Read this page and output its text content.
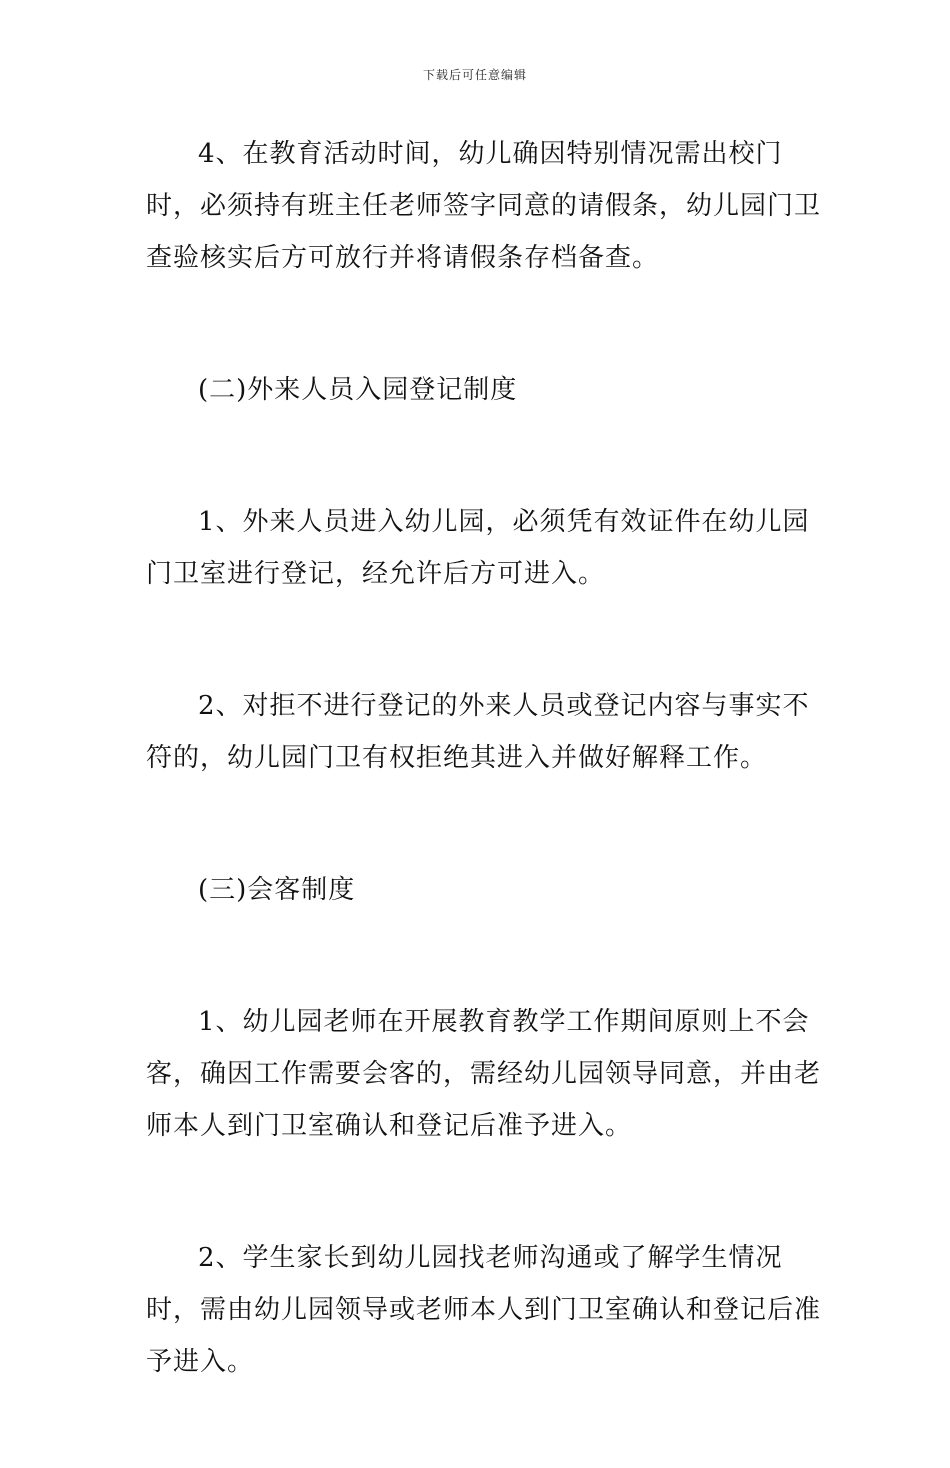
下载后可任意编辑

4、在教育活动时间，幼儿确因特别情况需出校门时，必须持有班主任老师签字同意的请假条，幼儿园门卫查验核实后方可放行并将请假条存档备查。

(二)外来人员入园登记制度

1、外来人员进入幼儿园，必须凭有效证件在幼儿园门卫室进行登记，经允许后方可进入。

2、对拒不进行登记的外来人员或登记内容与事实不符的，幼儿园门卫有权拒绝其进入并做好解释工作。

(三)会客制度

1、幼儿园老师在开展教育教学工作期间原则上不会客，确因工作需要会客的，需经幼儿园领导同意，并由老师本人到门卫室确认和登记后准予进入。

2、学生家长到幼儿园找老师沟通或了解学生情况时，需由幼儿园领导或老师本人到门卫室确认和登记后准予进入。
